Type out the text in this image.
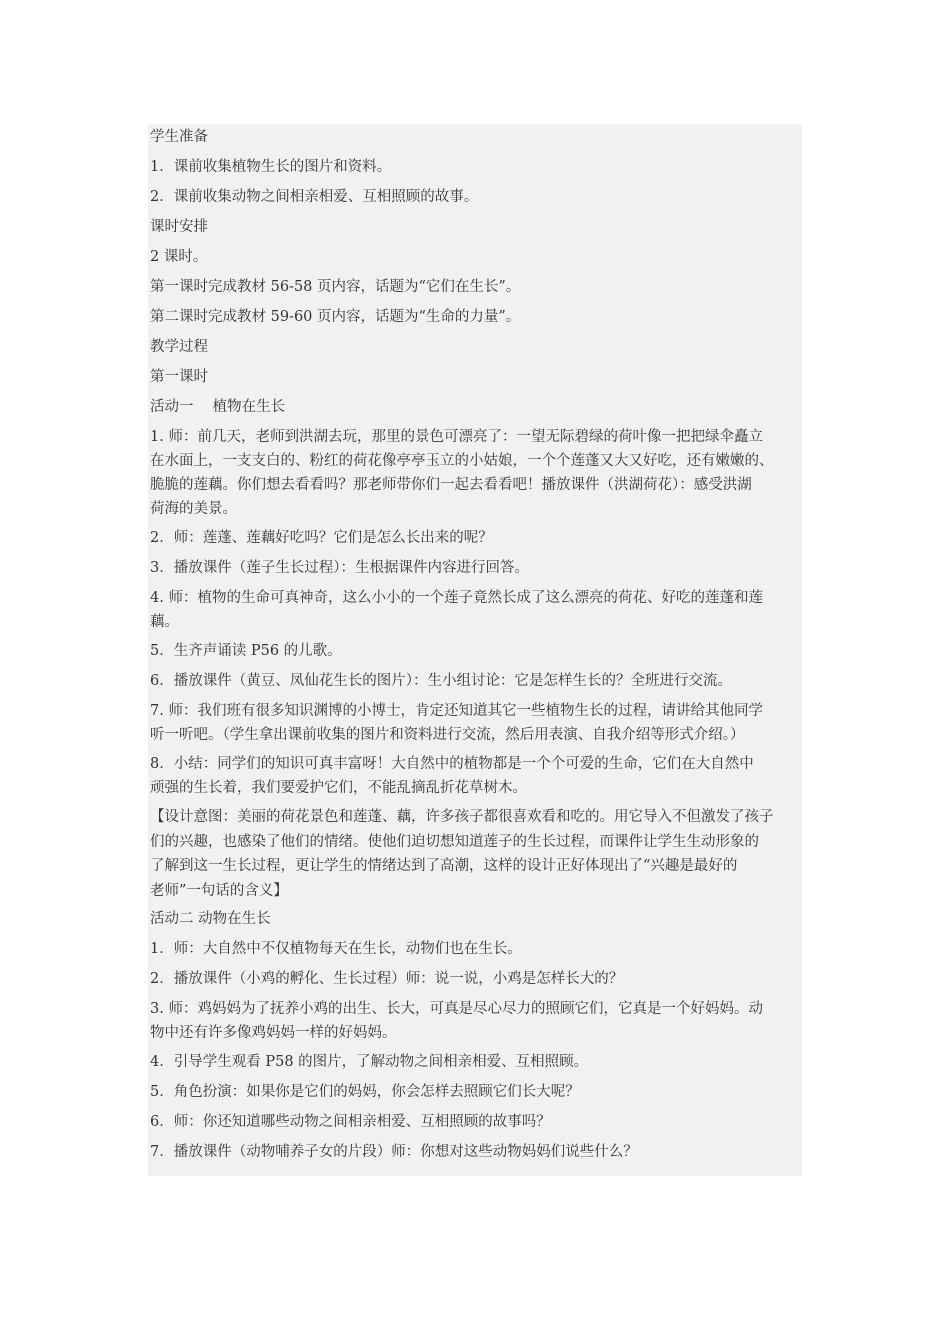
学生准备
1．课前收集植物生长的图片和资料。
2．课前收集动物之间相亲相爱、互相照顾的故事。
课时安排
2 课时。
第一课时完成教材 56-58 页内容，话题为“它们在生长”。
第二课时完成教材 59-60 页内容，话题为“生命的力量”。
教学过程
第一课时
活动一　 植物在生长
1. 师：前几天，老师到洪湖去玩，那里的景色可漂亮了：一望无际碧绿的荷叶像一把把绿伞矗立
在水面上，一支支白的、粉红的荷花像亭亭玉立的小姑娘，一个个莲蓬又大又好吃，还有嫩嫩的、
脆脆的莲藕。你们想去看看吗？那老师带你们一起去看看吧！播放课件（洪湖荷花）：感受洪湖
荷海的美景。
2．师：莲蓬、莲藕好吃吗？它们是怎么长出来的呢？
3．播放课件（莲子生长过程）：生根据课件内容进行回答。
4. 师：植物的生命可真神奇，这么小小的一个莲子竟然长成了这么漂亮的荷花、好吃的莲蓬和莲
藕。
5．生齐声诵读 P56 的儿歌。
6．播放课件（黄豆、凤仙花生长的图片）：生小组讨论：它是怎样生长的？全班进行交流。
7. 师：我们班有很多知识渊博的小博士，肯定还知道其它一些植物生长的过程，请讲给其他同学
听一听吧。（学生拿出课前收集的图片和资料进行交流，然后用表演、自我介绍等形式介绍。）
8．小结：同学们的知识可真丰富呀！大自然中的植物都是一个个可爱的生命，它们在大自然中
顽强的生长着，我们要爱护它们，不能乱摘乱折花草树木。
【设计意图：美丽的荷花景色和莲蓬、藕，许多孩子都很喜欢看和吃的。用它导入不但激发了孩子
们的兴趣，也感染了他们的情绪。使他们迫切想知道莲子的生长过程，而课件让学生生动形象的
了解到这一生长过程，更让学生的情绪达到了高潮，这样的设计正好体现出了“兴趣是最好的
老师”一句话的含义】
活动二 动物在生长
1．师：大自然中不仅植物每天在生长，动物们也在生长。
2．播放课件（小鸡的孵化、生长过程）师：说一说，小鸡是怎样长大的？
3. 师：鸡妈妈为了抚养小鸡的出生、长大，可真是尽心尽力的照顾它们，它真是一个好妈妈。动
物中还有许多像鸡妈妈一样的好妈妈。
4．引导学生观看 P58 的图片，了解动物之间相亲相爱、互相照顾。
5．角色扮演：如果你是它们的妈妈，你会怎样去照顾它们长大呢？
6．师：你还知道哪些动物之间相亲相爱、互相照顾的故事吗？
7．播放课件（动物哺养子女的片段）师：你想对这些动物妈妈们说些什么？
